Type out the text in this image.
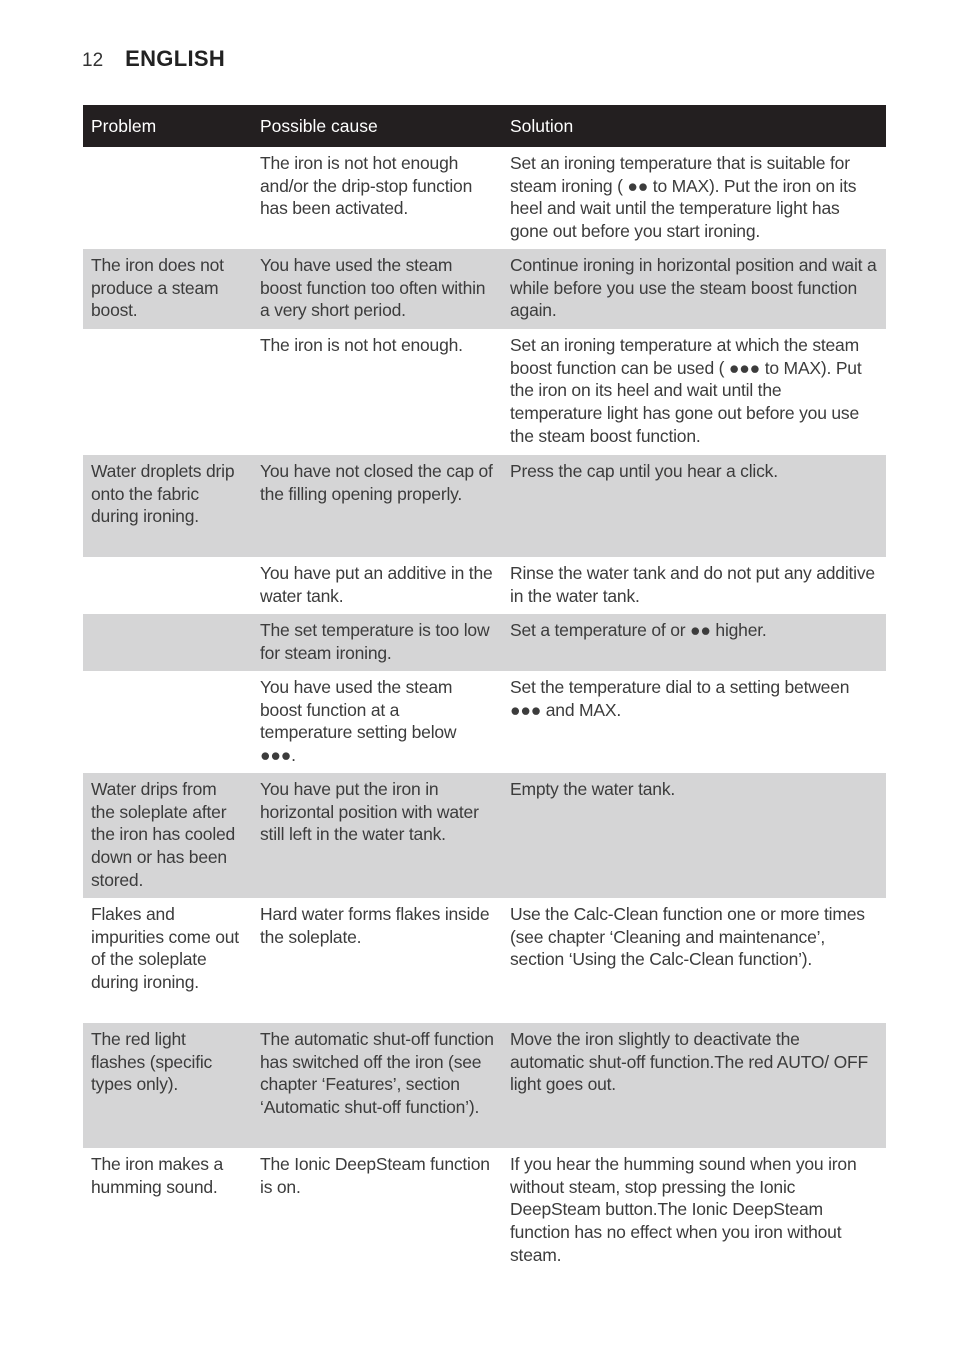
12 ENGLISH
Problem	Possible cause	Solution
	The iron is not hot enough and/or the drip-stop function has been activated.	Set an ironing temperature that is suitable for steam ironing ( ●● to MAX). Put the iron on its heel and wait until the temperature light has gone out before you start ironing.
The iron does not produce a steam boost.	You have used the steam boost function too often within a very short period.	Continue ironing in horizontal position and wait a while before you use the steam boost function again.
	The iron is not hot enough.	Set an ironing temperature at which the steam boost function can be used ( ●●● to MAX). Put the iron on its heel and wait until the temperature light has gone out before you use the steam boost function.
Water droplets drip onto the fabric during ironing.	You have not closed the cap of the filling opening properly.	Press the cap until you hear a click.
	You have put an additive in the water tank.	Rinse the water tank and do not put any additive in the water tank.
	The set temperature is too low for steam ironing.	Set a temperature of or ●● higher.
	You have used the steam boost function at a temperature setting below ●●●.	Set the temperature dial to a setting between ●●● and MAX.
Water drips from the soleplate after the iron has cooled down or has been stored.	You have put the iron in horizontal position with water still left in the water tank.	Empty the water tank.
Flakes and impurities come out of the soleplate during ironing.	Hard water forms flakes inside the soleplate.	Use the Calc-Clean function one or more times (see chapter ‘Cleaning and maintenance’, section ‘Using the Calc-Clean function’).
The red light flashes (specific types only).	The automatic shut-off function has switched off the iron (see chapter ‘Features’, section ‘Automatic shut-off function’).	Move the iron slightly to deactivate the automatic shut-off function.The red AUTO/ OFF light goes out.
The iron makes a humming sound.	The Ionic DeepSteam function is on.	If you hear the humming sound when you iron without steam, stop pressing the Ionic DeepSteam button.The Ionic DeepSteam function has no effect when you iron without steam.
